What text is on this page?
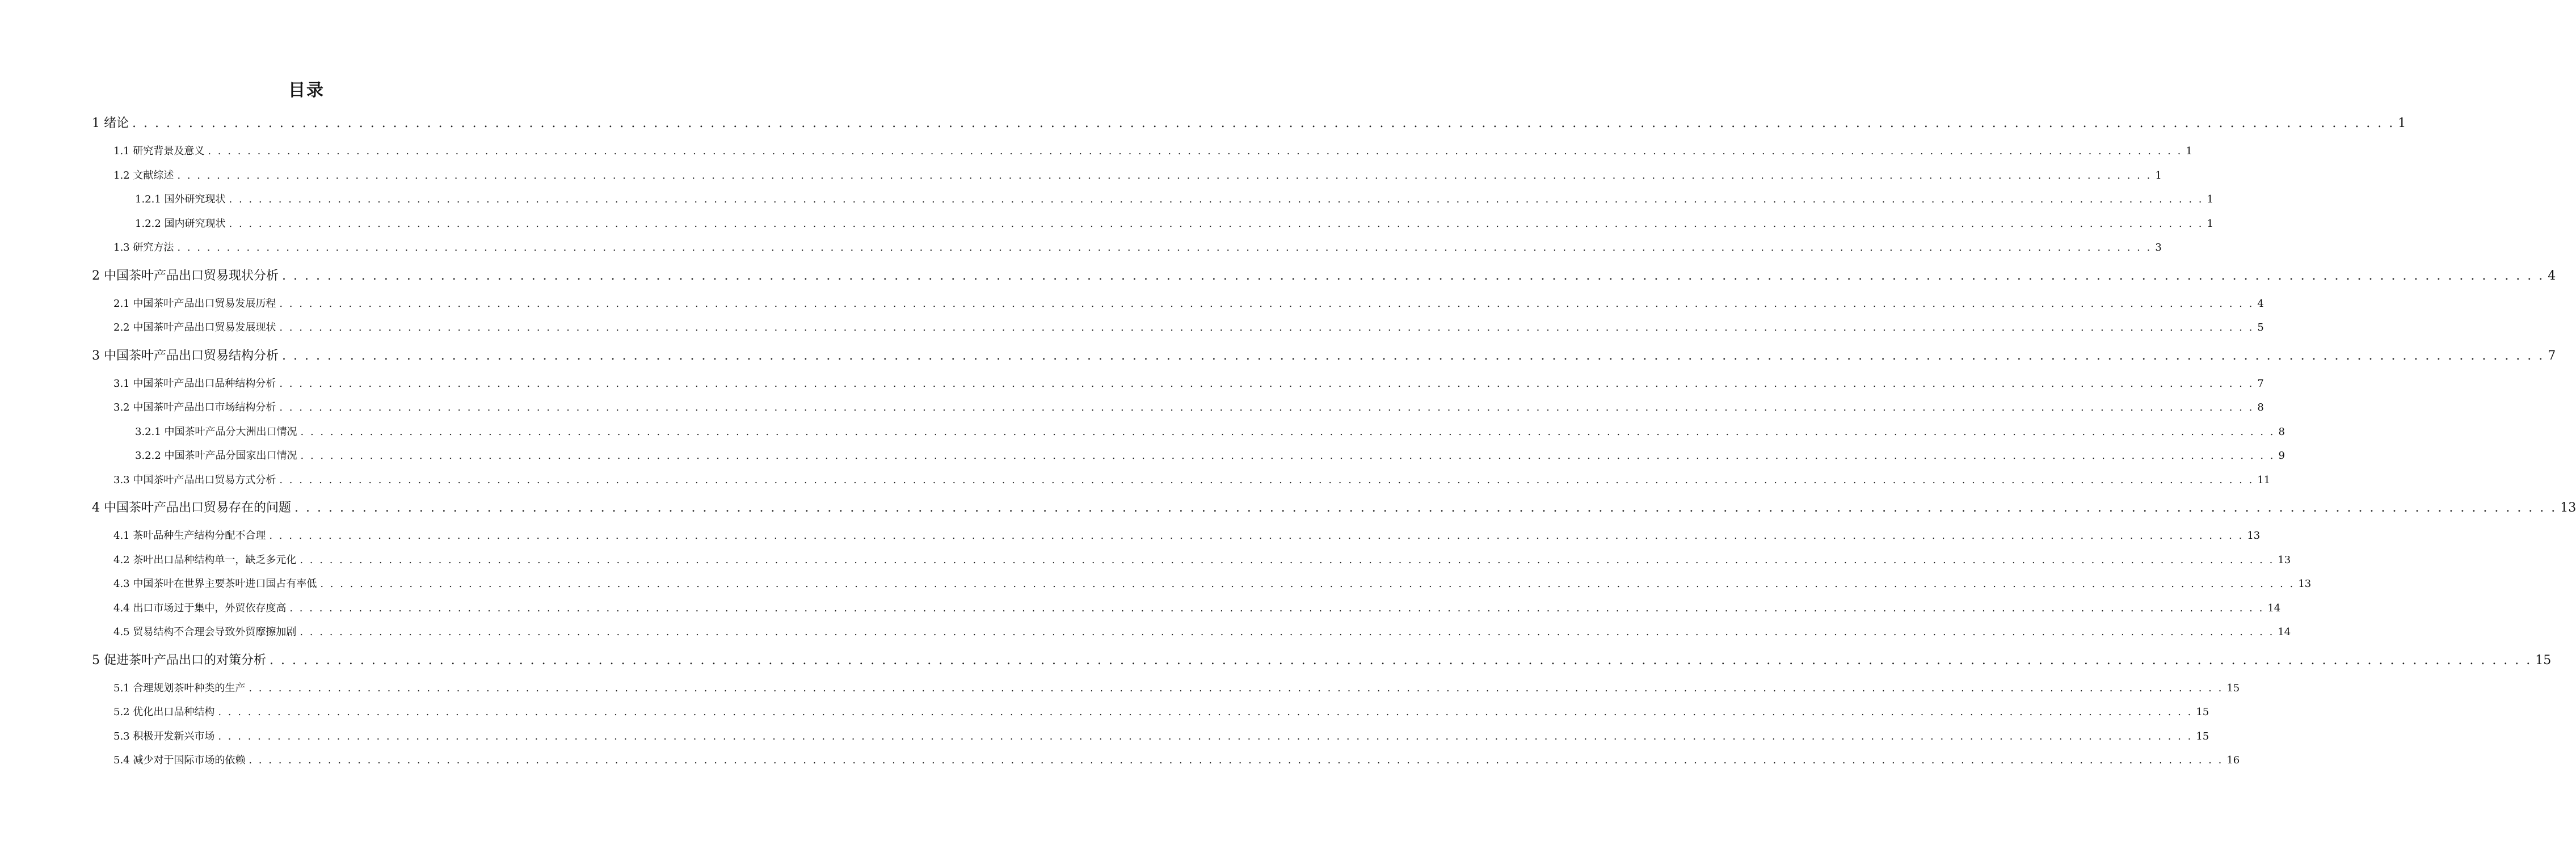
目录
1 绪论 . . . . . . . . . . . . . . . . . . . . . . . . . . . . . . . . . . . . . . . . . . . . . . . . . . . . . . . . . . . . . . . . . . . . . . . . . . . . . . . . . . . . . . . . . . . . . . . . . . . . . . . . . . . . . . . . . . . . . . . . . . . . . . . . . . . . . . . . . . . . . . . . . . . . . . . . . . . . . . . . . . . . . . . . . . . . . . . . . . . . . . . . . . . . . . . . . . . . . . . . 1
1.1 研究背景及意义 . . . . . . . . . . . . . . . . . . . . . . . . . . . . . . . . . . . . . . . . . . . . . . . . . . . . . . . . . . . . . . . . . . . . . . . . . . . . . . . . . . . . . . . . . . . . . . . . . . . . . . . . . . . . . . . . . . . . . . . . . . . . . . . . . . . . . . . . . . . . . . . . . . . . . . . . . . . . . . . . . . . . . . . . . . . . . . . . . . . . . . . . . . . . . . . . . . . . . . . . 1
1.2 文献综述 . . . . . . . . . . . . . . . . . . . . . . . . . . . . . . . . . . . . . . . . . . . . . . . . . . . . . . . . . . . . . . . . . . . . . . . . . . . . . . . . . . . . . . . . . . . . . . . . . . . . . . . . . . . . . . . . . . . . . . . . . . . . . . . . . . . . . . . . . . . . . . . . . . . . . . . . . . . . . . . . . . . . . . . . . . . . . . . . . . . . . . . . . . . . . . . . . . . . . . . . 1
1.2.1 国外研究现状 . . . . . . . . . . . . . . . . . . . . . . . . . . . . . . . . . . . . . . . . . . . . . . . . . . . . . . . . . . . . . . . . . . . . . . . . . . . . . . . . . . . . . . . . . . . . . . . . . . . . . . . . . . . . . . . . . . . . . . . . . . . . . . . . . . . . . . . . . . . . . . . . . . . . . . . . . . . . . . . . . . . . . . . . . . . . . . . . . . . . . . . . . . . . . . . . . . . . . . . . 1
1.2.2 国内研究现状 . . . . . . . . . . . . . . . . . . . . . . . . . . . . . . . . . . . . . . . . . . . . . . . . . . . . . . . . . . . . . . . . . . . . . . . . . . . . . . . . . . . . . . . . . . . . . . . . . . . . . . . . . . . . . . . . . . . . . . . . . . . . . . . . . . . . . . . . . . . . . . . . . . . . . . . . . . . . . . . . . . . . . . . . . . . . . . . . . . . . . . . . . . . . . . . . . . . . . . . . 1
1.3 研究方法 . . . . . . . . . . . . . . . . . . . . . . . . . . . . . . . . . . . . . . . . . . . . . . . . . . . . . . . . . . . . . . . . . . . . . . . . . . . . . . . . . . . . . . . . . . . . . . . . . . . . . . . . . . . . . . . . . . . . . . . . . . . . . . . . . . . . . . . . . . . . . . . . . . . . . . . . . . . . . . . . . . . . . . . . . . . . . . . . . . . . . . . . . . . . . . . . . . . . . . . . 3
2 中国茶叶产品出口贸易现状分析 . . . . . . . . . . . . . . . . . . . . . . . . . . . . . . . . . . . . . . . . . . . . . . . . . . . . . . . . . . . . . . . . . . . . . . . . . . . . . . . . . . . . . . . . . . . . . . . . . . . . . . . . . . . . . . . . . . . . . . . . . . . . . . . . . . . . . . . . . . . . . . . . . . . . . . . . . . . . . . . . . . . . . . . . . . . . . . . . . . . . . . . . . . . . . . . . . . . . . . . . 4
2.1 中国茶叶产品出口贸易发展历程 . . . . . . . . . . . . . . . . . . . . . . . . . . . . . . . . . . . . . . . . . . . . . . . . . . . . . . . . . . . . . . . . . . . . . . . . . . . . . . . . . . . . . . . . . . . . . . . . . . . . . . . . . . . . . . . . . . . . . . . . . . . . . . . . . . . . . . . . . . . . . . . . . . . . . . . . . . . . . . . . . . . . . . . . . . . . . . . . . . . . . . . . . . . . . . . . . . . . . . . . 4
2.2 中国茶叶产品出口贸易发展现状 . . . . . . . . . . . . . . . . . . . . . . . . . . . . . . . . . . . . . . . . . . . . . . . . . . . . . . . . . . . . . . . . . . . . . . . . . . . . . . . . . . . . . . . . . . . . . . . . . . . . . . . . . . . . . . . . . . . . . . . . . . . . . . . . . . . . . . . . . . . . . . . . . . . . . . . . . . . . . . . . . . . . . . . . . . . . . . . . . . . . . . . . . . . . . . . . . . . . . . . . 5
3 中国茶叶产品出口贸易结构分析 . . . . . . . . . . . . . . . . . . . . . . . . . . . . . . . . . . . . . . . . . . . . . . . . . . . . . . . . . . . . . . . . . . . . . . . . . . . . . . . . . . . . . . . . . . . . . . . . . . . . . . . . . . . . . . . . . . . . . . . . . . . . . . . . . . . . . . . . . . . . . . . . . . . . . . . . . . . . . . . . . . . . . . . . . . . . . . . . . . . . . . . . . . . . . . . . . . . . . . . . 7
3.1 中国茶叶产品出口品种结构分析 . . . . . . . . . . . . . . . . . . . . . . . . . . . . . . . . . . . . . . . . . . . . . . . . . . . . . . . . . . . . . . . . . . . . . . . . . . . . . . . . . . . . . . . . . . . . . . . . . . . . . . . . . . . . . . . . . . . . . . . . . . . . . . . . . . . . . . . . . . . . . . . . . . . . . . . . . . . . . . . . . . . . . . . . . . . . . . . . . . . . . . . . . . . . . . . . . . . . . . . . 7
3.2 中国茶叶产品出口市场结构分析 . . . . . . . . . . . . . . . . . . . . . . . . . . . . . . . . . . . . . . . . . . . . . . . . . . . . . . . . . . . . . . . . . . . . . . . . . . . . . . . . . . . . . . . . . . . . . . . . . . . . . . . . . . . . . . . . . . . . . . . . . . . . . . . . . . . . . . . . . . . . . . . . . . . . . . . . . . . . . . . . . . . . . . . . . . . . . . . . . . . . . . . . . . . . . . . . . . . . . . . . 8
3.2.1 中国茶叶产品分大洲出口情况 . . . . . . . . . . . . . . . . . . . . . . . . . . . . . . . . . . . . . . . . . . . . . . . . . . . . . . . . . . . . . . . . . . . . . . . . . . . . . . . . . . . . . . . . . . . . . . . . . . . . . . . . . . . . . . . . . . . . . . . . . . . . . . . . . . . . . . . . . . . . . . . . . . . . . . . . . . . . . . . . . . . . . . . . . . . . . . . . . . . . . . . . . . . . . . . . . . . . . . . . 8
3.2.2 中国茶叶产品分国家出口情况 . . . . . . . . . . . . . . . . . . . . . . . . . . . . . . . . . . . . . . . . . . . . . . . . . . . . . . . . . . . . . . . . . . . . . . . . . . . . . . . . . . . . . . . . . . . . . . . . . . . . . . . . . . . . . . . . . . . . . . . . . . . . . . . . . . . . . . . . . . . . . . . . . . . . . . . . . . . . . . . . . . . . . . . . . . . . . . . . . . . . . . . . . . . . . . . . . . . . . . . . 9
3.3 中国茶叶产品出口贸易方式分析 . . . . . . . . . . . . . . . . . . . . . . . . . . . . . . . . . . . . . . . . . . . . . . . . . . . . . . . . . . . . . . . . . . . . . . . . . . . . . . . . . . . . . . . . . . . . . . . . . . . . . . . . . . . . . . . . . . . . . . . . . . . . . . . . . . . . . . . . . . . . . . . . . . . . . . . . . . . . . . . . . . . . . . . . . . . . . . . . . . . . . . . . . . . . . . . . . . . . . . . . 11
4 中国茶叶产品出口贸易存在的问题 . . . . . . . . . . . . . . . . . . . . . . . . . . . . . . . . . . . . . . . . . . . . . . . . . . . . . . . . . . . . . . . . . . . . . . . . . . . . . . . . . . . . . . . . . . . . . . . . . . . . . . . . . . . . . . . . . . . . . . . . . . . . . . . . . . . . . . . . . . . . . . . . . . . . . . . . . . . . . . . . . . . . . . . . . . . . . . . . . . . . . . . . . . . . . . . . . . . . . . . . 13
4.1 茶叶品种生产结构分配不合理 . . . . . . . . . . . . . . . . . . . . . . . . . . . . . . . . . . . . . . . . . . . . . . . . . . . . . . . . . . . . . . . . . . . . . . . . . . . . . . . . . . . . . . . . . . . . . . . . . . . . . . . . . . . . . . . . . . . . . . . . . . . . . . . . . . . . . . . . . . . . . . . . . . . . . . . . . . . . . . . . . . . . . . . . . . . . . . . . . . . . . . . . . . . . . . . . . . . . . . . . 13
4.2 茶叶出口品种结构单一，缺乏多元化 . . . . . . . . . . . . . . . . . . . . . . . . . . . . . . . . . . . . . . . . . . . . . . . . . . . . . . . . . . . . . . . . . . . . . . . . . . . . . . . . . . . . . . . . . . . . . . . . . . . . . . . . . . . . . . . . . . . . . . . . . . . . . . . . . . . . . . . . . . . . . . . . . . . . . . . . . . . . . . . . . . . . . . . . . . . . . . . . . . . . . . . . . . . . . . . . . . . . . . . . 13
4.3 中国茶叶在世界主要茶叶进口国占有率低 . . . . . . . . . . . . . . . . . . . . . . . . . . . . . . . . . . . . . . . . . . . . . . . . . . . . . . . . . . . . . . . . . . . . . . . . . . . . . . . . . . . . . . . . . . . . . . . . . . . . . . . . . . . . . . . . . . . . . . . . . . . . . . . . . . . . . . . . . . . . . . . . . . . . . . . . . . . . . . . . . . . . . . . . . . . . . . . . . . . . . . . . . . . . . . . . . . . . . . . . 13
4.4 出口市场过于集中，外贸依存度高 . . . . . . . . . . . . . . . . . . . . . . . . . . . . . . . . . . . . . . . . . . . . . . . . . . . . . . . . . . . . . . . . . . . . . . . . . . . . . . . . . . . . . . . . . . . . . . . . . . . . . . . . . . . . . . . . . . . . . . . . . . . . . . . . . . . . . . . . . . . . . . . . . . . . . . . . . . . . . . . . . . . . . . . . . . . . . . . . . . . . . . . . . . . . . . . . . . . . . . . . 14
4.5 贸易结构不合理会导致外贸摩擦加剧 . . . . . . . . . . . . . . . . . . . . . . . . . . . . . . . . . . . . . . . . . . . . . . . . . . . . . . . . . . . . . . . . . . . . . . . . . . . . . . . . . . . . . . . . . . . . . . . . . . . . . . . . . . . . . . . . . . . . . . . . . . . . . . . . . . . . . . . . . . . . . . . . . . . . . . . . . . . . . . . . . . . . . . . . . . . . . . . . . . . . . . . . . . . . . . . . . . . . . . . . 14
5 促进茶叶产品出口的对策分析 . . . . . . . . . . . . . . . . . . . . . . . . . . . . . . . . . . . . . . . . . . . . . . . . . . . . . . . . . . . . . . . . . . . . . . . . . . . . . . . . . . . . . . . . . . . . . . . . . . . . . . . . . . . . . . . . . . . . . . . . . . . . . . . . . . . . . . . . . . . . . . . . . . . . . . . . . . . . . . . . . . . . . . . . . . . . . . . . . . . . . . . . . . . . . . . . . . . . . . . . 15
5.1 合理规划茶叶种类的生产 . . . . . . . . . . . . . . . . . . . . . . . . . . . . . . . . . . . . . . . . . . . . . . . . . . . . . . . . . . . . . . . . . . . . . . . . . . . . . . . . . . . . . . . . . . . . . . . . . . . . . . . . . . . . . . . . . . . . . . . . . . . . . . . . . . . . . . . . . . . . . . . . . . . . . . . . . . . . . . . . . . . . . . . . . . . . . . . . . . . . . . . . . . . . . . . . . . . . . . . . 15
5.2 优化出口品种结构 . . . . . . . . . . . . . . . . . . . . . . . . . . . . . . . . . . . . . . . . . . . . . . . . . . . . . . . . . . . . . . . . . . . . . . . . . . . . . . . . . . . . . . . . . . . . . . . . . . . . . . . . . . . . . . . . . . . . . . . . . . . . . . . . . . . . . . . . . . . . . . . . . . . . . . . . . . . . . . . . . . . . . . . . . . . . . . . . . . . . . . . . . . . . . . . . . . . . . . . . 15
5.3 积极开发新兴市场 . . . . . . . . . . . . . . . . . . . . . . . . . . . . . . . . . . . . . . . . . . . . . . . . . . . . . . . . . . . . . . . . . . . . . . . . . . . . . . . . . . . . . . . . . . . . . . . . . . . . . . . . . . . . . . . . . . . . . . . . . . . . . . . . . . . . . . . . . . . . . . . . . . . . . . . . . . . . . . . . . . . . . . . . . . . . . . . . . . . . . . . . . . . . . . . . . . . . . . . . 15
5.4 减少对于国际市场的依赖 . . . . . . . . . . . . . . . . . . . . . . . . . . . . . . . . . . . . . . . . . . . . . . . . . . . . . . . . . . . . . . . . . . . . . . . . . . . . . . . . . . . . . . . . . . . . . . . . . . . . . . . . . . . . . . . . . . . . . . . . . . . . . . . . . . . . . . . . . . . . . . . . . . . . . . . . . . . . . . . . . . . . . . . . . . . . . . . . . . . . . . . . . . . . . . . . . . . . . . . . 16
